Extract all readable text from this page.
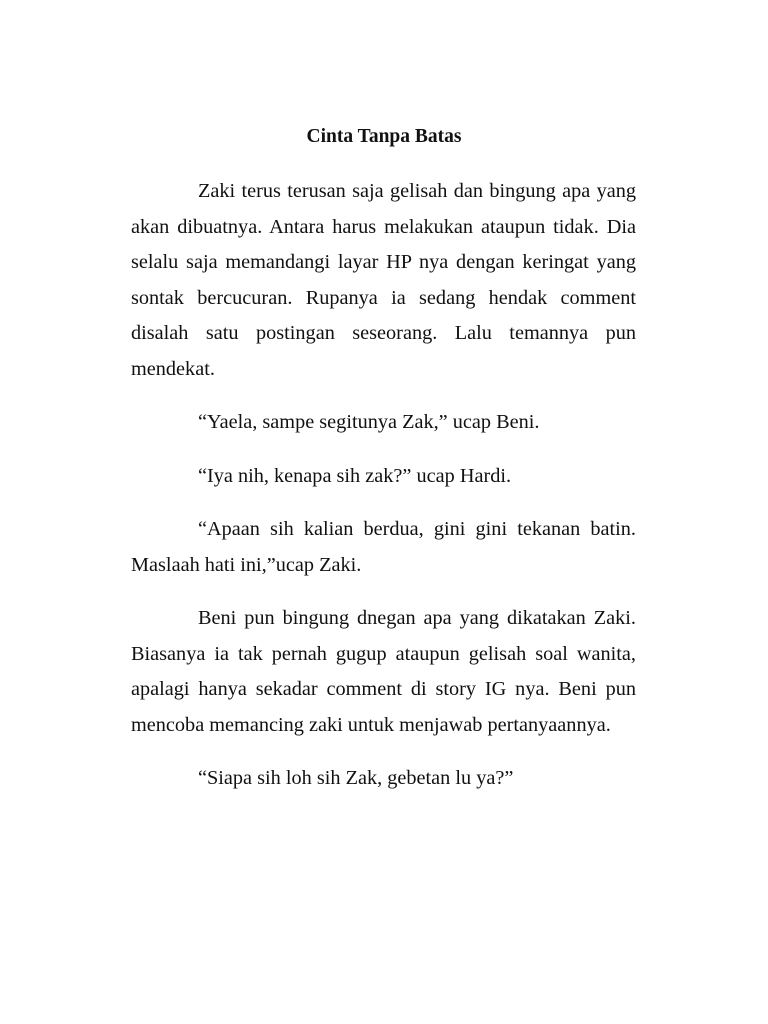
Cinta Tanpa Batas

Zaki terus terusan saja gelisah dan bingung apa yang akan dibuatnya. Antara harus melakukan ataupun tidak. Dia selalu saja memandangi layar HP nya dengan keringat yang sontak bercucuran. Rupanya ia sedang hendak comment disalah satu postingan seseorang. Lalu temannya pun mendekat.

“Yaela, sampe segitunya Zak,” ucap Beni.

“Iya nih, kenapa sih zak?” ucap Hardi.

“Apaan sih kalian berdua, gini gini tekanan batin. Maslaah hati ini,”ucap Zaki.

Beni pun bingung dnegan apa yang dikatakan Zaki. Biasanya ia tak pernah gugup ataupun gelisah soal wanita, apalagi hanya sekadar comment di story IG nya. Beni pun mencoba memancing zaki untuk menjawab pertanyaannya.

“Siapa sih loh sih Zak, gebetan lu ya?”
